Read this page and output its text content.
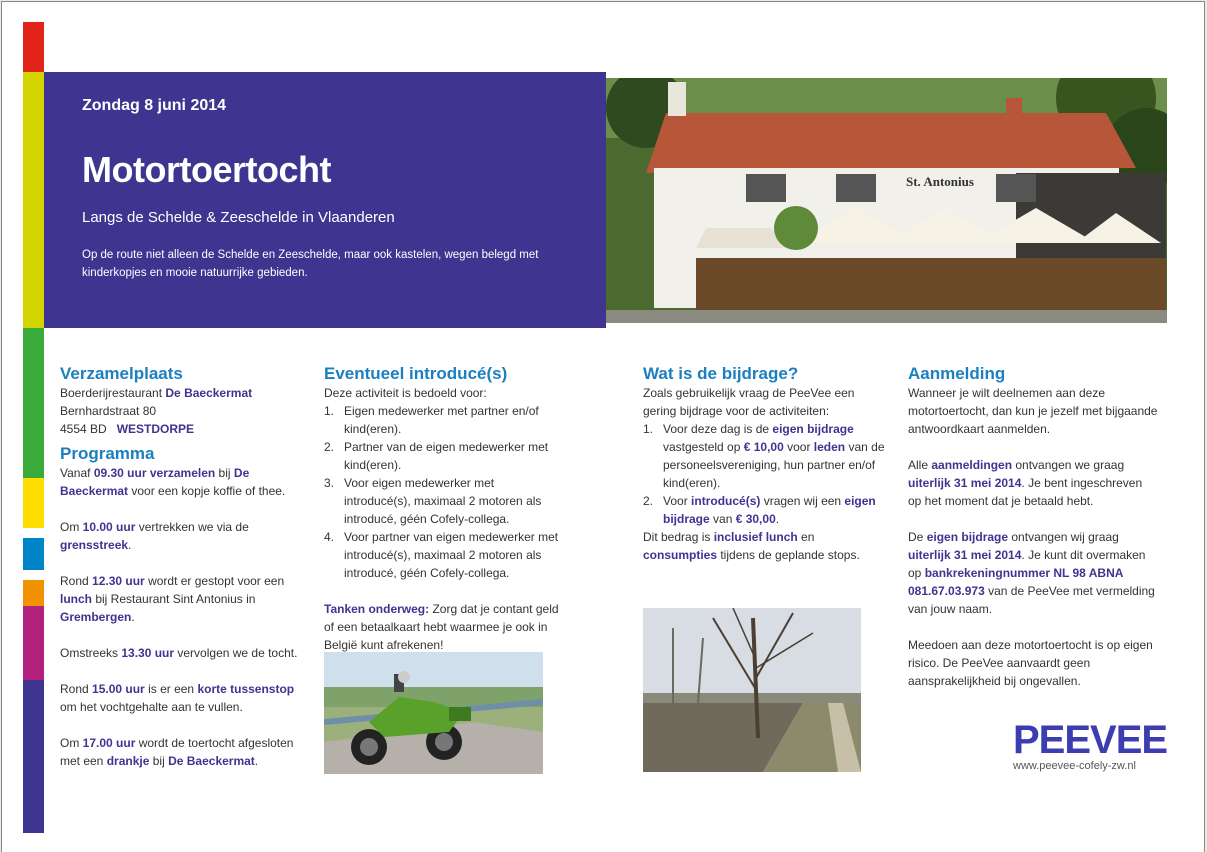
Zondag 8 juni 2014
Motortoertocht
Langs de Schelde & Zeeschelde in Vlaanderen
Op de route niet alleen de Schelde en Zeeschelde, maar ook kastelen, wegen belegd met kinderkopjes en mooie natuurrijke gebieden.
St. Antonius
Verzamelplaats

Boerderijrestaurant De Baeckermat

Bernhardstraat 80

4554 BD WESTDORPE

Programma

Vanaf 09.30 uur verzamelen bij De Baeckermat voor een kopje koffie of thee.

Om 10.00 uur vertrekken we via de grensstreek.

Rond 12.30 uur wordt er gestopt voor een lunch bij Restaurant Sint Antonius in Grembergen.

Omstreeks 13.30 uur vervolgen we de tocht.

Rond 15.00 uur is er een korte tussenstop om het vochtgehalte aan te vullen.

Om 17.00 uur wordt de toertocht afgesloten met een drankje bij De Baeckermat.

Eventueel introducé(s)

Deze activiteit is bedoeld voor:

1. Eigen medewerker met partner en/of kind(eren).
2. Partner van de eigen medewerker met kind(eren).
3. Voor eigen medewerker met introducé(s), maximaal 2 motoren als introducé, géén Cofely-collega.
4. Voor partner van eigen medewerker met introducé(s), maximaal 2 motoren als introducé, géén Cofely-collega.

Tanken onderweg: Zorg dat je contant geld of een betaalkaart hebt waarmee je ook in België kunt afrekenen!

Wat is de bijdrage?

Zoals gebruikelijk vraag de PeeVee een gering bijdrage voor de activiteiten:

1. Voor deze dag is de eigen bijdrage vastgesteld op € 10,00 voor leden van de personeelsvereniging, hun partner en/of kind(eren).
2. Voor introducé(s) vragen wij een eigen bijdrage van € 30,00.

Dit bedrag is inclusief lunch en consumpties tijdens de geplande stops.

Aanmelding

Wanneer je wilt deelnemen aan deze motortoertocht, dan kun je jezelf met bijgaande antwoordkaart aanmelden.

Alle aanmeldingen ontvangen we graag uiterlijk 31 mei 2014. Je bent ingeschreven op het moment dat je betaald hebt.

De eigen bijdrage ontvangen wij graag uiterlijk 31 mei 2014. Je kunt dit overmaken op bankrekeningnummer NL 98 ABNA 081.67.03.973 van de PeeVee met vermelding van jouw naam.

Meedoen aan deze motortoertocht is op eigen risico. De PeeVee aanvaardt geen aansprakelijkheid bij ongevallen.

PEEVEE
www.peevee-cofely-zw.nl
